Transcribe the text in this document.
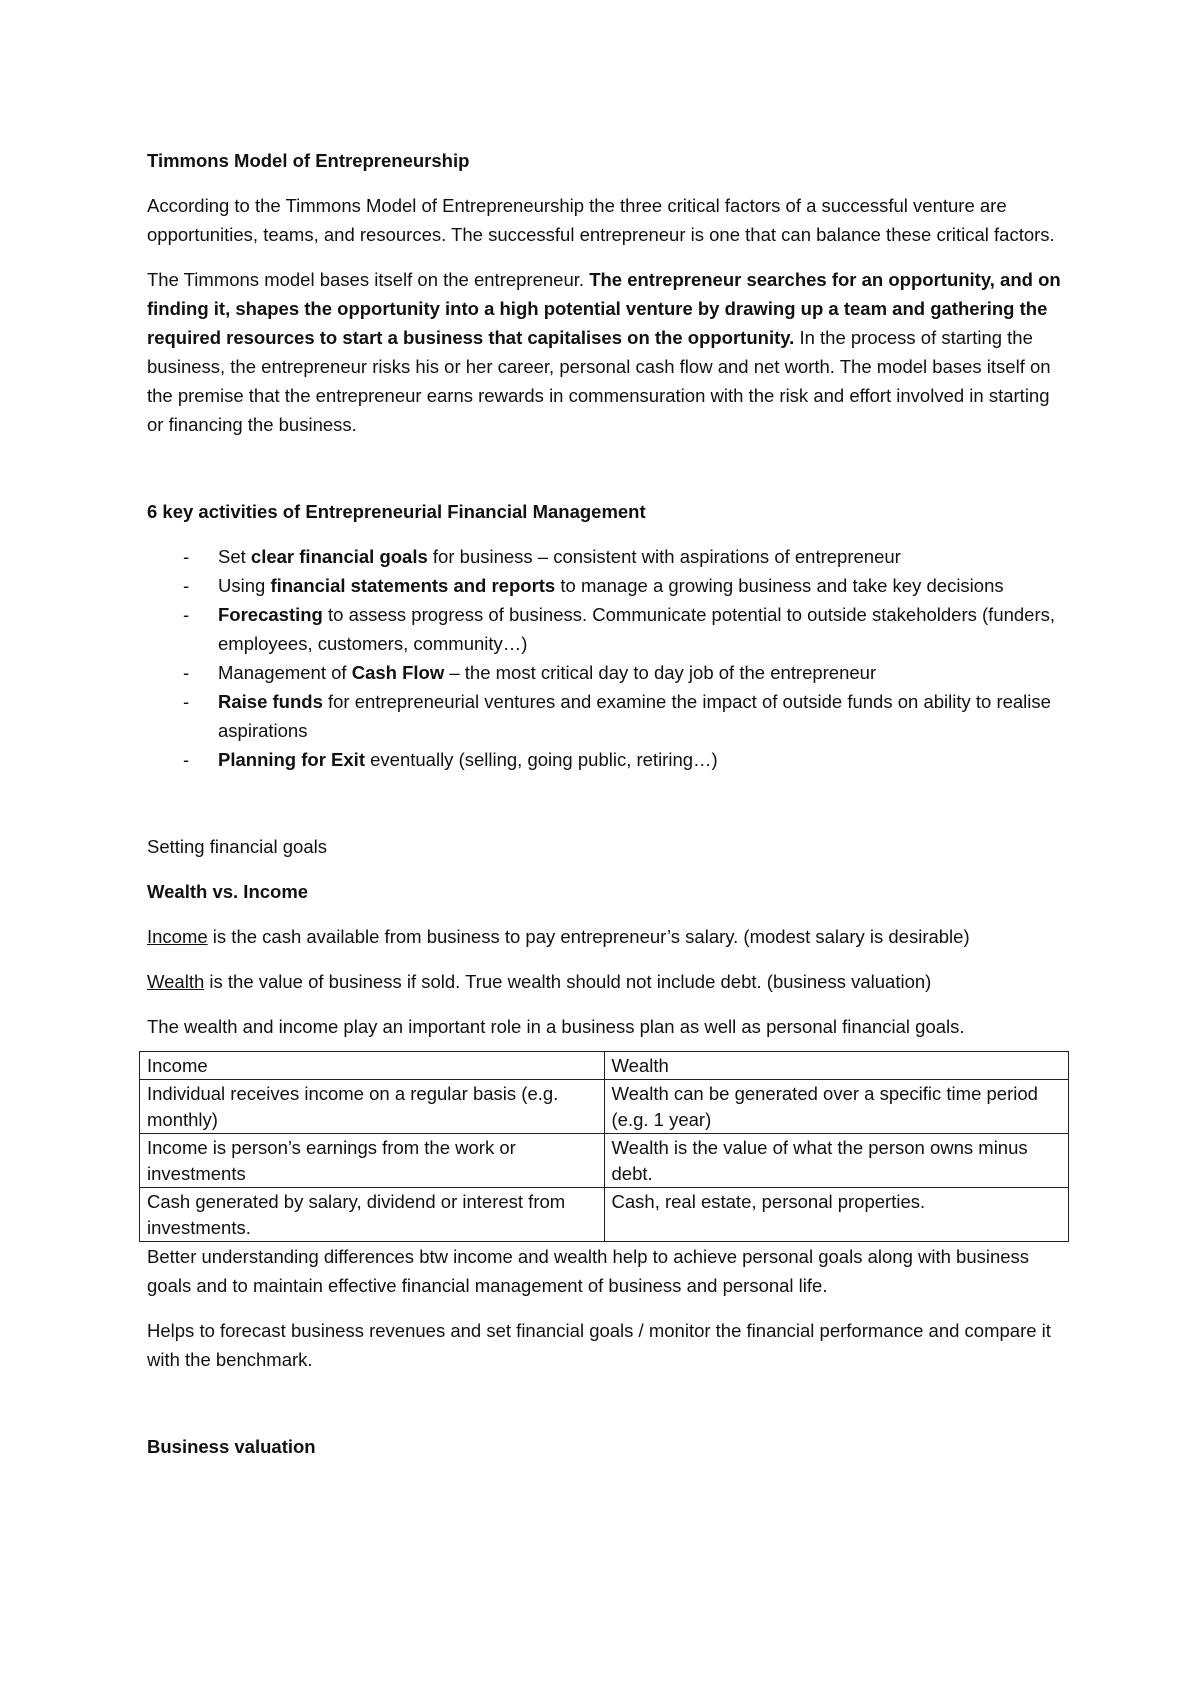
Timmons Model of Entrepreneurship

According to the Timmons Model of Entrepreneurship the three critical factors of a successful venture are opportunities, teams, and resources. The successful entrepreneur is one that can balance these critical factors.

The Timmons model bases itself on the entrepreneur. The entrepreneur searches for an opportunity, and on finding it, shapes the opportunity into a high potential venture by drawing up a team and gathering the required resources to start a business that capitalises on the opportunity. In the process of starting the business, the entrepreneur risks his or her career, personal cash flow and net worth. The model bases itself on the premise that the entrepreneur earns rewards in commensuration with the risk and effort involved in starting or financing the business.

6 key activities of Entrepreneurial Financial Management

- Set clear financial goals for business – consistent with aspirations of entrepreneur
- Using financial statements and reports to manage a growing business and take key decisions
- Forecasting to assess progress of business. Communicate potential to outside stakeholders (funders, employees, customers, community…)
- Management of Cash Flow – the most critical day to day job of the entrepreneur
- Raise funds for entrepreneurial ventures and examine the impact of outside funds on ability to realise aspirations
- Planning for Exit eventually (selling, going public, retiring…)

Setting financial goals

Wealth vs. Income

Income is the cash available from business to pay entrepreneur’s salary. (modest salary is desirable)

Wealth is the value of business if sold. True wealth should not include debt. (business valuation)

The wealth and income play an important role in a business plan as well as personal financial goals.

Income	Wealth
Individual receives income on a regular basis (e.g. monthly)	Wealth can be generated over a specific time period (e.g. 1 year)
Income is person’s earnings from the work or investments	Wealth is the value of what the person owns minus debt.
Cash generated by salary, dividend or interest from investments.	Cash, real estate, personal properties.

Better understanding differences btw income and wealth help to achieve personal goals along with business goals and to maintain effective financial management of business and personal life.

Helps to forecast business revenues and set financial goals / monitor the financial performance and compare it with the benchmark.

Business valuation
